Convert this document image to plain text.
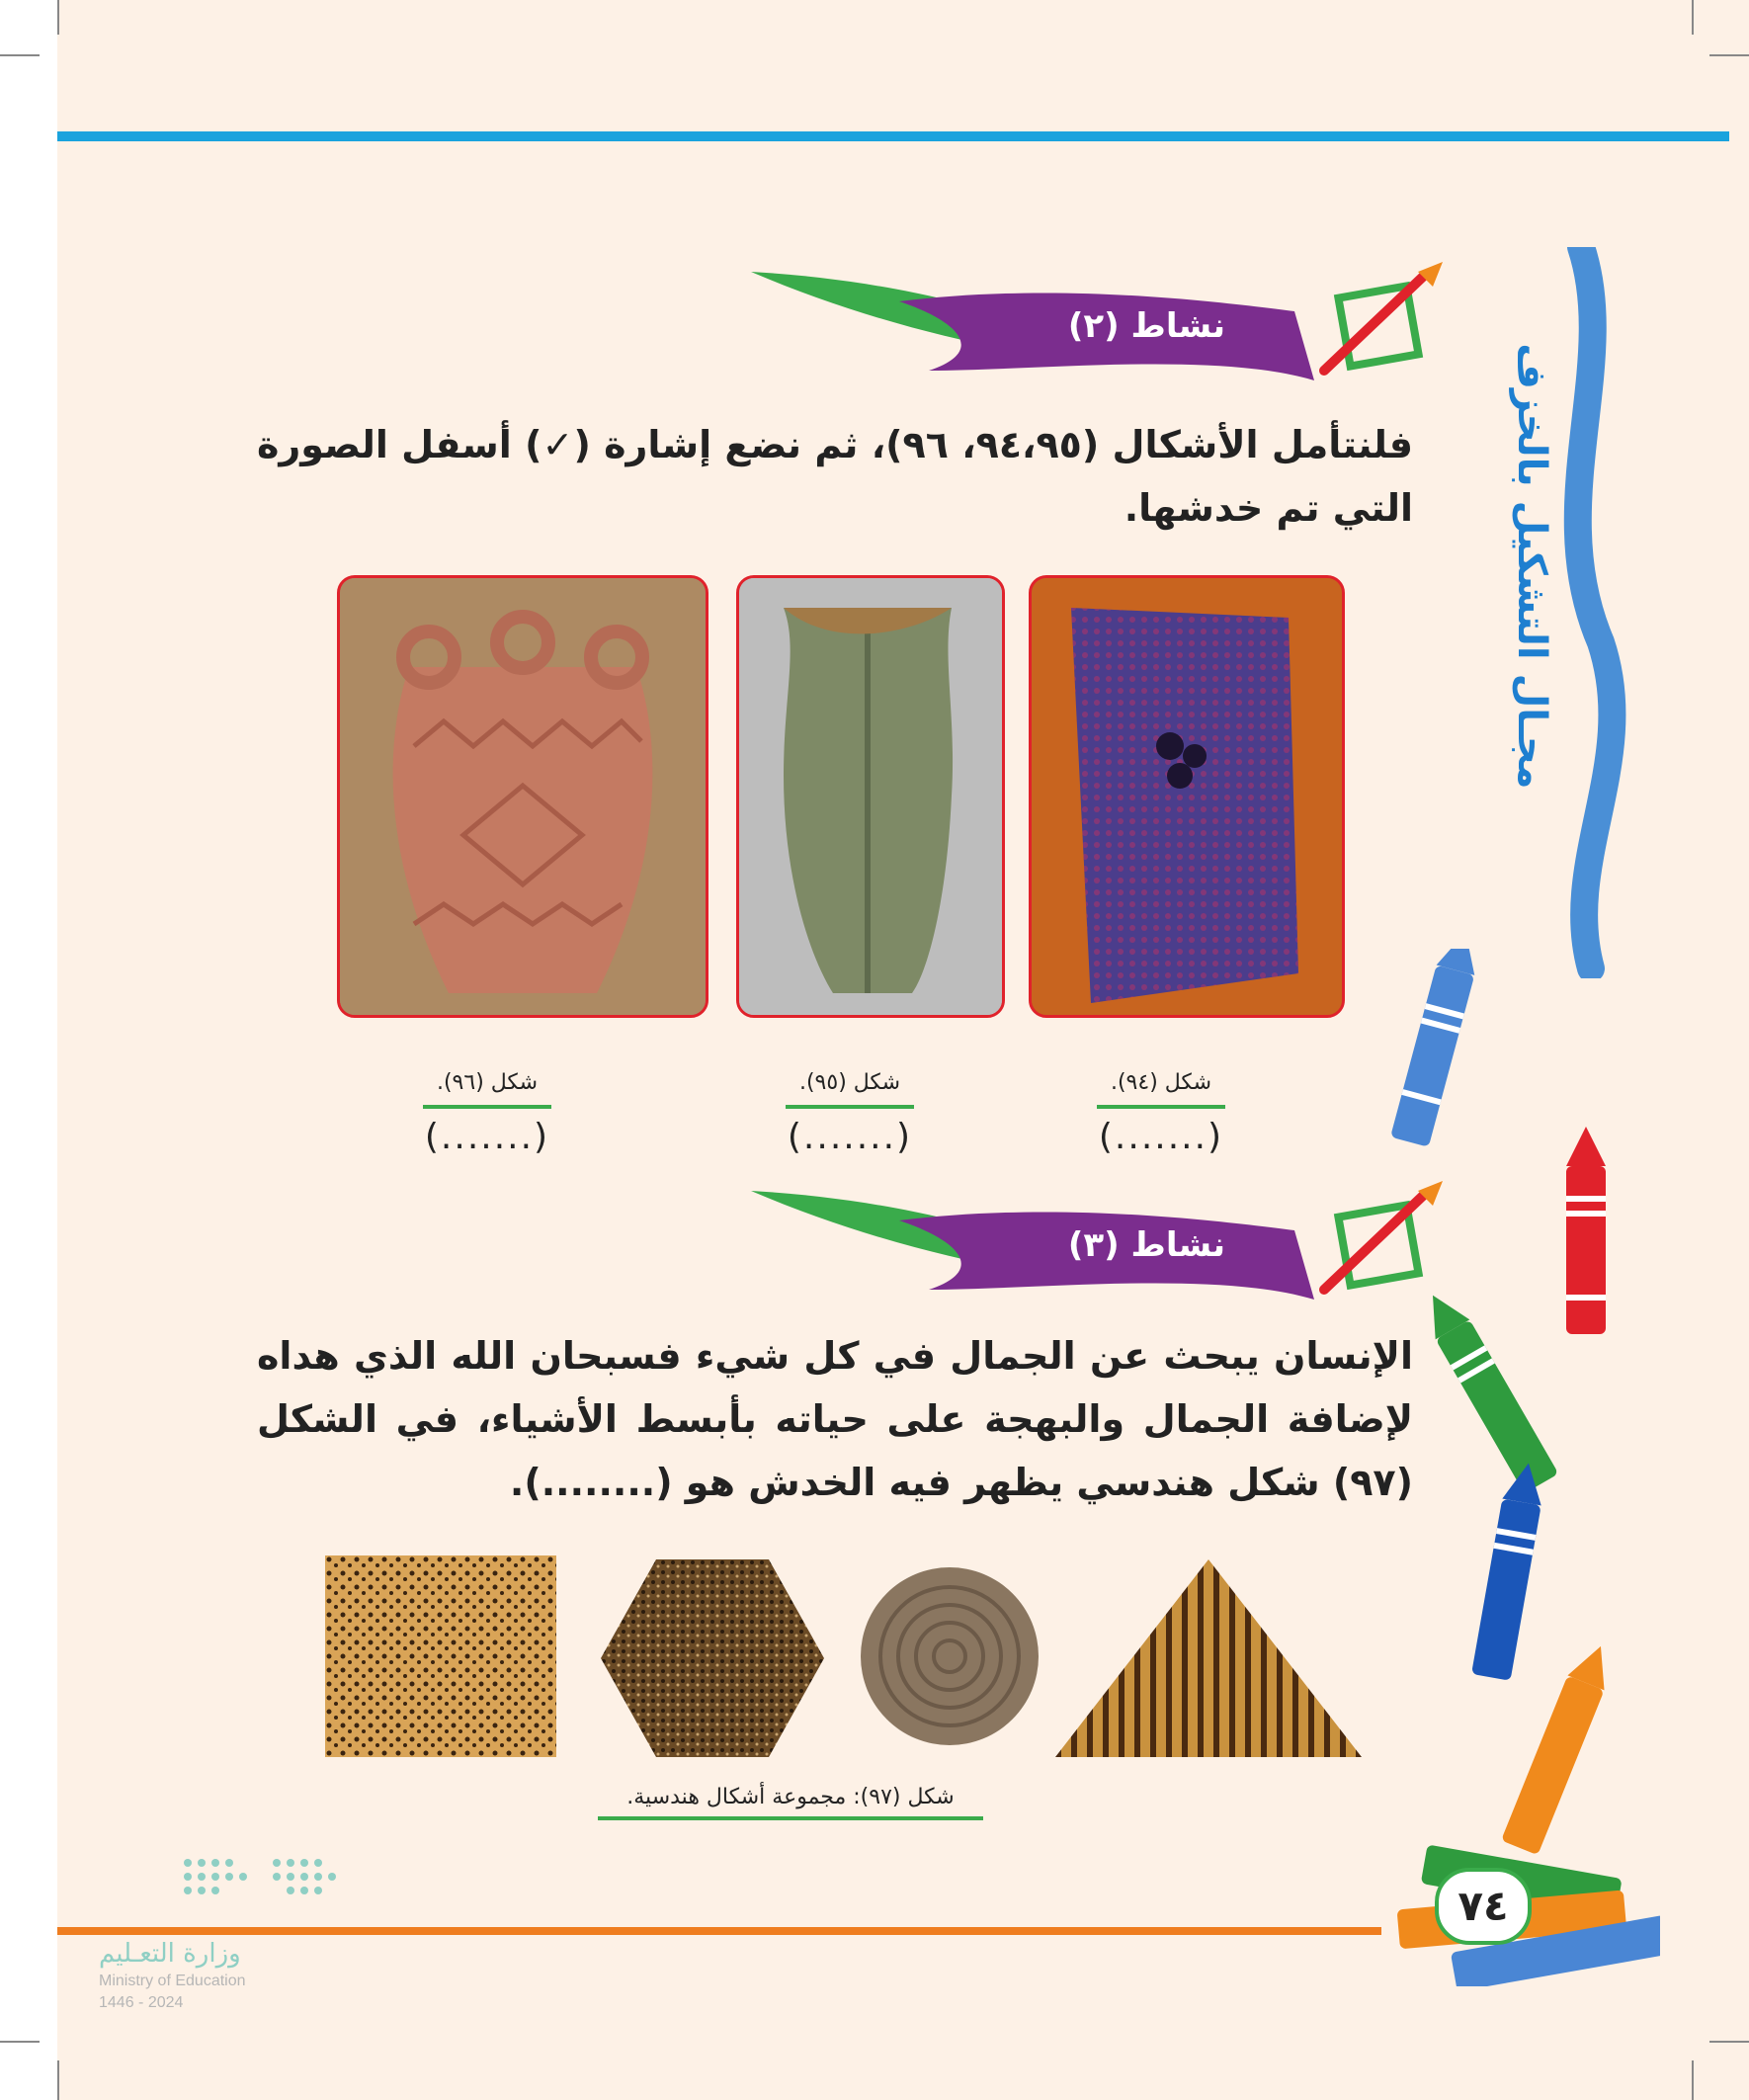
مجـال التشكيل بالخزف
نشاط (٢)
فلنتأمل الأشكال (٩٤،٩٥، ٩٦)، ثم نضع إشارة (✓) أسفل الصورة التي تم خدشها.
شكل (٩٤).
(.......)
شكل (٩٥).
(.......)
شكل (٩٦).
(.......)
نشاط (٣)
الإنسان يبحث عن الجمال في كل شيء فسبحان الله الذي هداه لإضافة الجمال والبهجة على حياته بأبسط الأشياء، في الشكل (٩٧) شكل هندسي يظهر فيه الخدش هو (........).
شكل (٩٧): مجموعة أشكال هندسية.
٧٤
وزارة التعـليم
Ministry of Education
2024 - 1446
